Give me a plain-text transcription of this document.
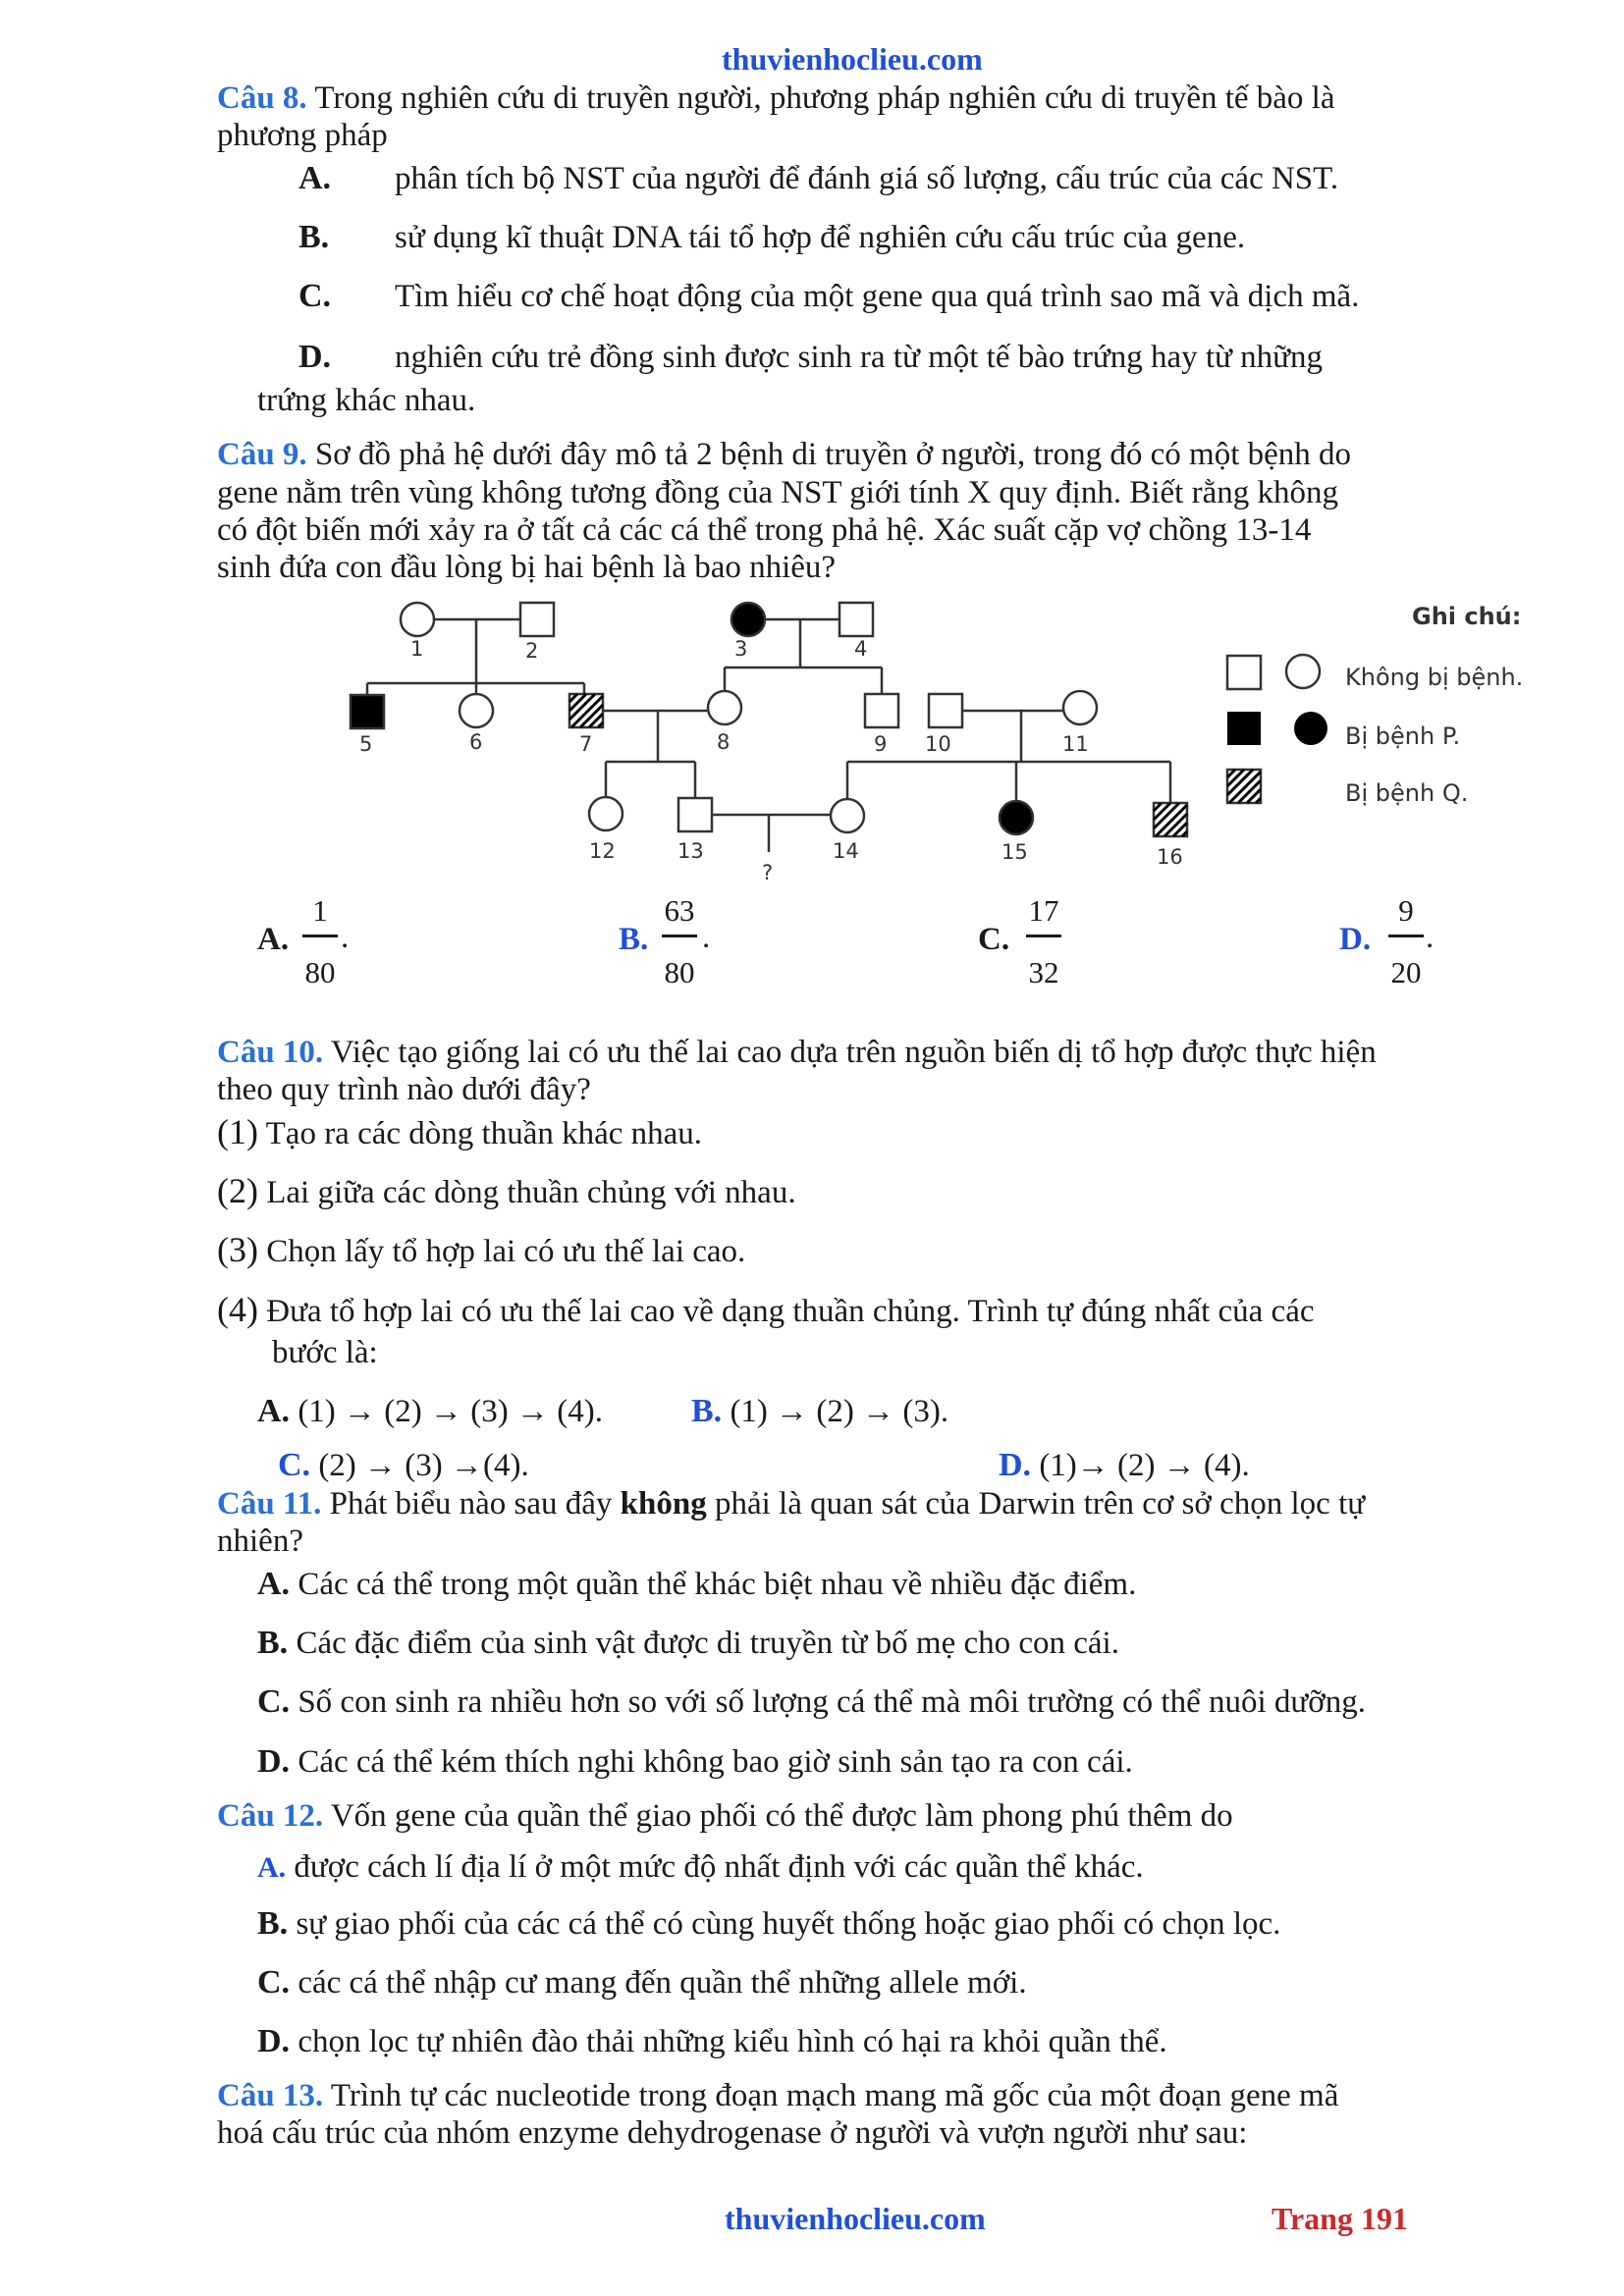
thuvienhoclieu.com
Câu 8. Trong nghiên cứu di truyền người, phương pháp nghiên cứu di truyền tế bào là
phương pháp
A. phân tích bộ NST của người để đánh giá số lượng, cấu trúc của các NST.
B. sử dụng kĩ thuật DNA tái tổ hợp để nghiên cứu cấu trúc của gene.
C. Tìm hiểu cơ chế hoạt động của một gene qua quá trình sao mã và dịch mã.
D. nghiên cứu trẻ đồng sinh được sinh ra từ một tế bào trứng hay từ những
trứng khác nhau.
Câu 9. Sơ đồ phả hệ dưới đây mô tả 2 bệnh di truyền ở người, trong đó có một bệnh do
gene nằm trên vùng không tương đồng của NST giới tính X quy định. Biết rằng không
có đột biến mới xảy ra ở tất cả các cá thể trong phả hệ. Xác suất cặp vợ chồng 13-14
sinh đứa con đầu lòng bị hai bệnh là bao nhiêu?
1	2	3	4
5	6	7	8	9 10	11
12	13	14	15	16
?
Ghi chú:
Không bị bệnh.
Bị bệnh P.
Bị bệnh Q.
A.
1
80
.	B.
63
80
.	C.
17
32
D.
9
20
.
Câu 10. Việc tạo giống lai có ưu thế lai cao dựa trên nguồn biến dị tổ hợp được thực hiện
theo quy trình nào dưới đây?
(1) Tạo ra các dòng thuần khác nhau.
(2) Lai giữa các dòng thuần chủng với nhau.
(3) Chọn lấy tổ hợp lai có ưu thế lai cao.
(4) Đưa tổ hợp lai có ưu thế lai cao về dạng thuần chủng. Trình tự đúng nhất của các
bước là:
A. (1) → (2) → (3) → (4).	B. (1) → (2) → (3).
C. (2) → (3) →(4).	D. (1)→ (2) → (4).
Câu 11. Phát biểu nào sau đây không phải là quan sát của Darwin trên cơ sở chọn lọc tự
nhiên?
A. Các cá thể trong một quần thể khác biệt nhau về nhiều đặc điểm.
B. Các đặc điểm của sinh vật được di truyền từ bố mẹ cho con cái.
C. Số con sinh ra nhiều hơn so với số lượng cá thể mà môi trường có thể nuôi dưỡng.
D. Các cá thể kém thích nghi không bao giờ sinh sản tạo ra con cái.
Câu 12. Vốn gene của quần thể giao phối có thể được làm phong phú thêm do
A. được cách lí địa lí ở một mức độ nhất định với các quần thể khác.
B. sự giao phối của các cá thể có cùng huyết thống hoặc giao phối có chọn lọc.
C. các cá thể nhập cư mang đến quần thể những allele mới.
D. chọn lọc tự nhiên đào thải những kiểu hình có hại ra khỏi quần thể.
Câu 13. Trình tự các nucleotide trong đoạn mạch mang mã gốc của một đoạn gene mã
hoá cấu trúc của nhóm enzyme dehydrogenase ở người và vượn người như sau:
thuvienhoclieu.com	Trang 191
